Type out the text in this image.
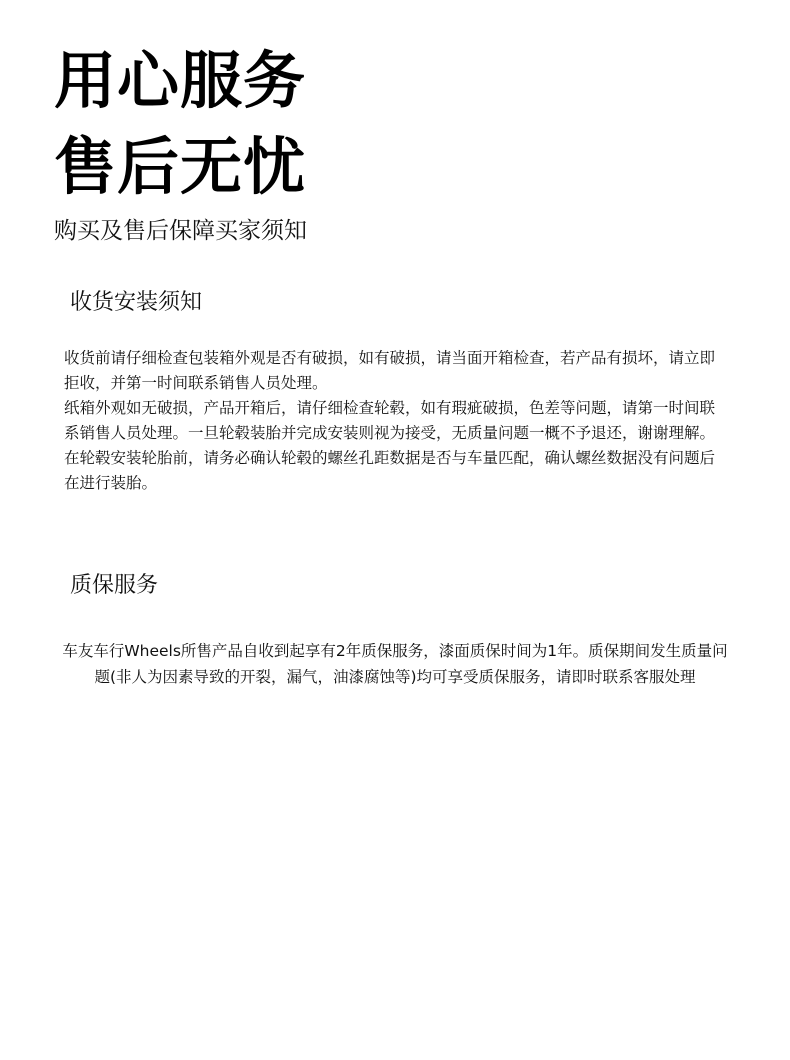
用心服务
售后无忧
购买及售后保障买家须知
收货安装须知

收货前请仔细检查包装箱外观是否有破损，如有破损，请当面开箱检查，若产品有损坏，请立即拒收，并第一时间联系销售人员处理。

纸箱外观如无破损，产品开箱后，请仔细检查轮毂，如有瑕疵破损，色差等问题，请第一时间联系销售人员处理。一旦轮毂装胎并完成安装则视为接受，无质量问题一概不予退还，谢谢理解。

在轮毂安装轮胎前，请务必确认轮毂的螺丝孔距数据是否与车量匹配，确认螺丝数据没有问题后在进行装胎。

质保服务

车友车行Wheels所售产品自收到起享有2年质保服务，漆面质保时间为1年。质保期间发生质量问题(非人为因素导致的开裂，漏气，油漆腐蚀等)均可享受质保服务，请即时联系客服处理
